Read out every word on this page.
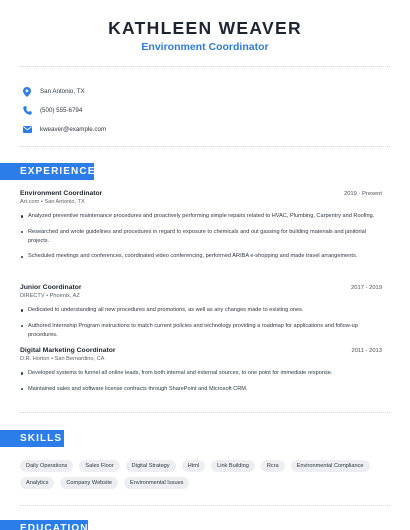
KATHLEEN WEAVER
Environment Coordinator
San Antonio, TX
(500) 555-6794
kweaver@example.com
EXPERIENCE
Environment Coordinator	2019 - Present
Art.com • San Antonio, TX
Analyzed preventive maintenance procedures and proactively performing simple repairs related to HVAC, Plumbing, Carpentry and Roofing.
Researched and wrote guidelines and procedures in regard to exposure to chemicals and out gassing for building materials and janitorial projects.
Scheduled meetings and conferences, coordinated video conferencing, performed ARIBA e-shopping and made travel arrangements.
Junior Coordinator	2017 - 2019
DIRECTV • Phoenix, AZ
Dedicated to understanding all new procedures and promotions, as well as any changes made to existing ones.
Authored Internship Program instructions to match current policies and technology providing a roadmap for applications and follow-up procedures.
Digital Marketing Coordinator	2011 - 2013
D.R. Horton • San Bernardino, CA
Developed systems to funnel all online leads, from both internal and external sources, to one point for immediate response.
Maintained sales and software license contracts through SharePoint and Microsoft CRM.
SKILLS
Daily Operations	Sales Floor	Digital Strategy	Html	Link Building	Rcra	Environmental Compliance
Analytics	Company Website	Environmental Issues
EDUCATION
